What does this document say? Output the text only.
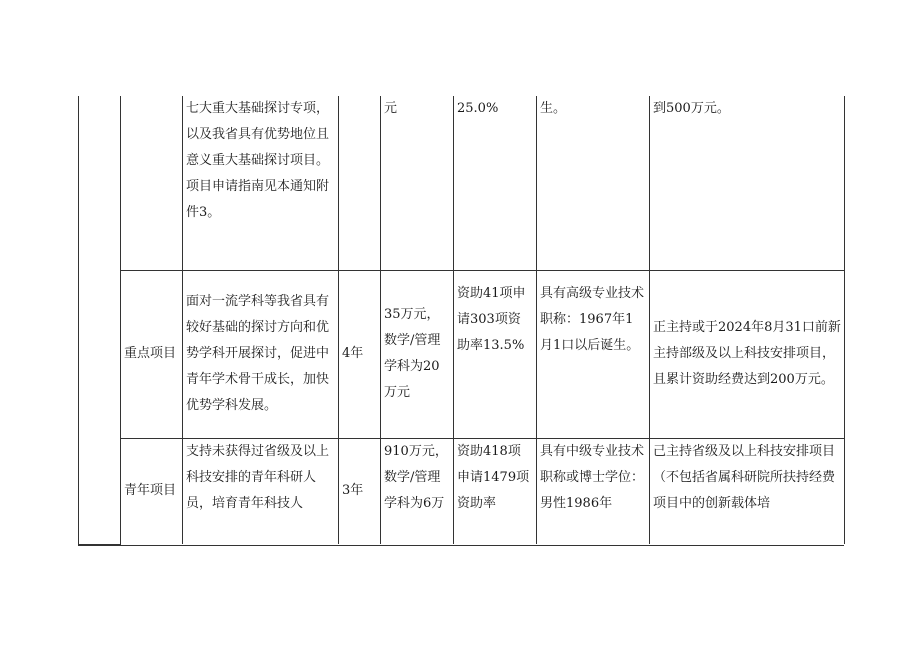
		七大重大基础探讨专项，以及我省具有优势地位且意义重大基础探讨项目。项目申请指南见本通知附件3。		元	25.0%	生。	到500万元。

	重点项目	面对一流学科等我省具有较好基础的探讨方向和优势学科开展探讨，促进中青年学术骨干成长，加快优势学科发展。	4年	35万元，数学/管理学科为20万元	资助41项申请303项资助率13.5%	具有高级专业技术职称：1967年1月1口以后诞生。	正主持或于2024年8月31口前新主持部级及以上科技安排项目，且累计资助经费达到200万元。

	青年项目	支持未获得过省级及以上科技安排的青年科研人员，培育青年科技人	3年	910万元，数学/管理学科为6万	资助418项申请1479项资助率	具有中级专业技术职称或博士学位：男性1986年	己主持省级及以上科技安排项目（不包括省属科研院所扶持经费项目中的创新载体培
